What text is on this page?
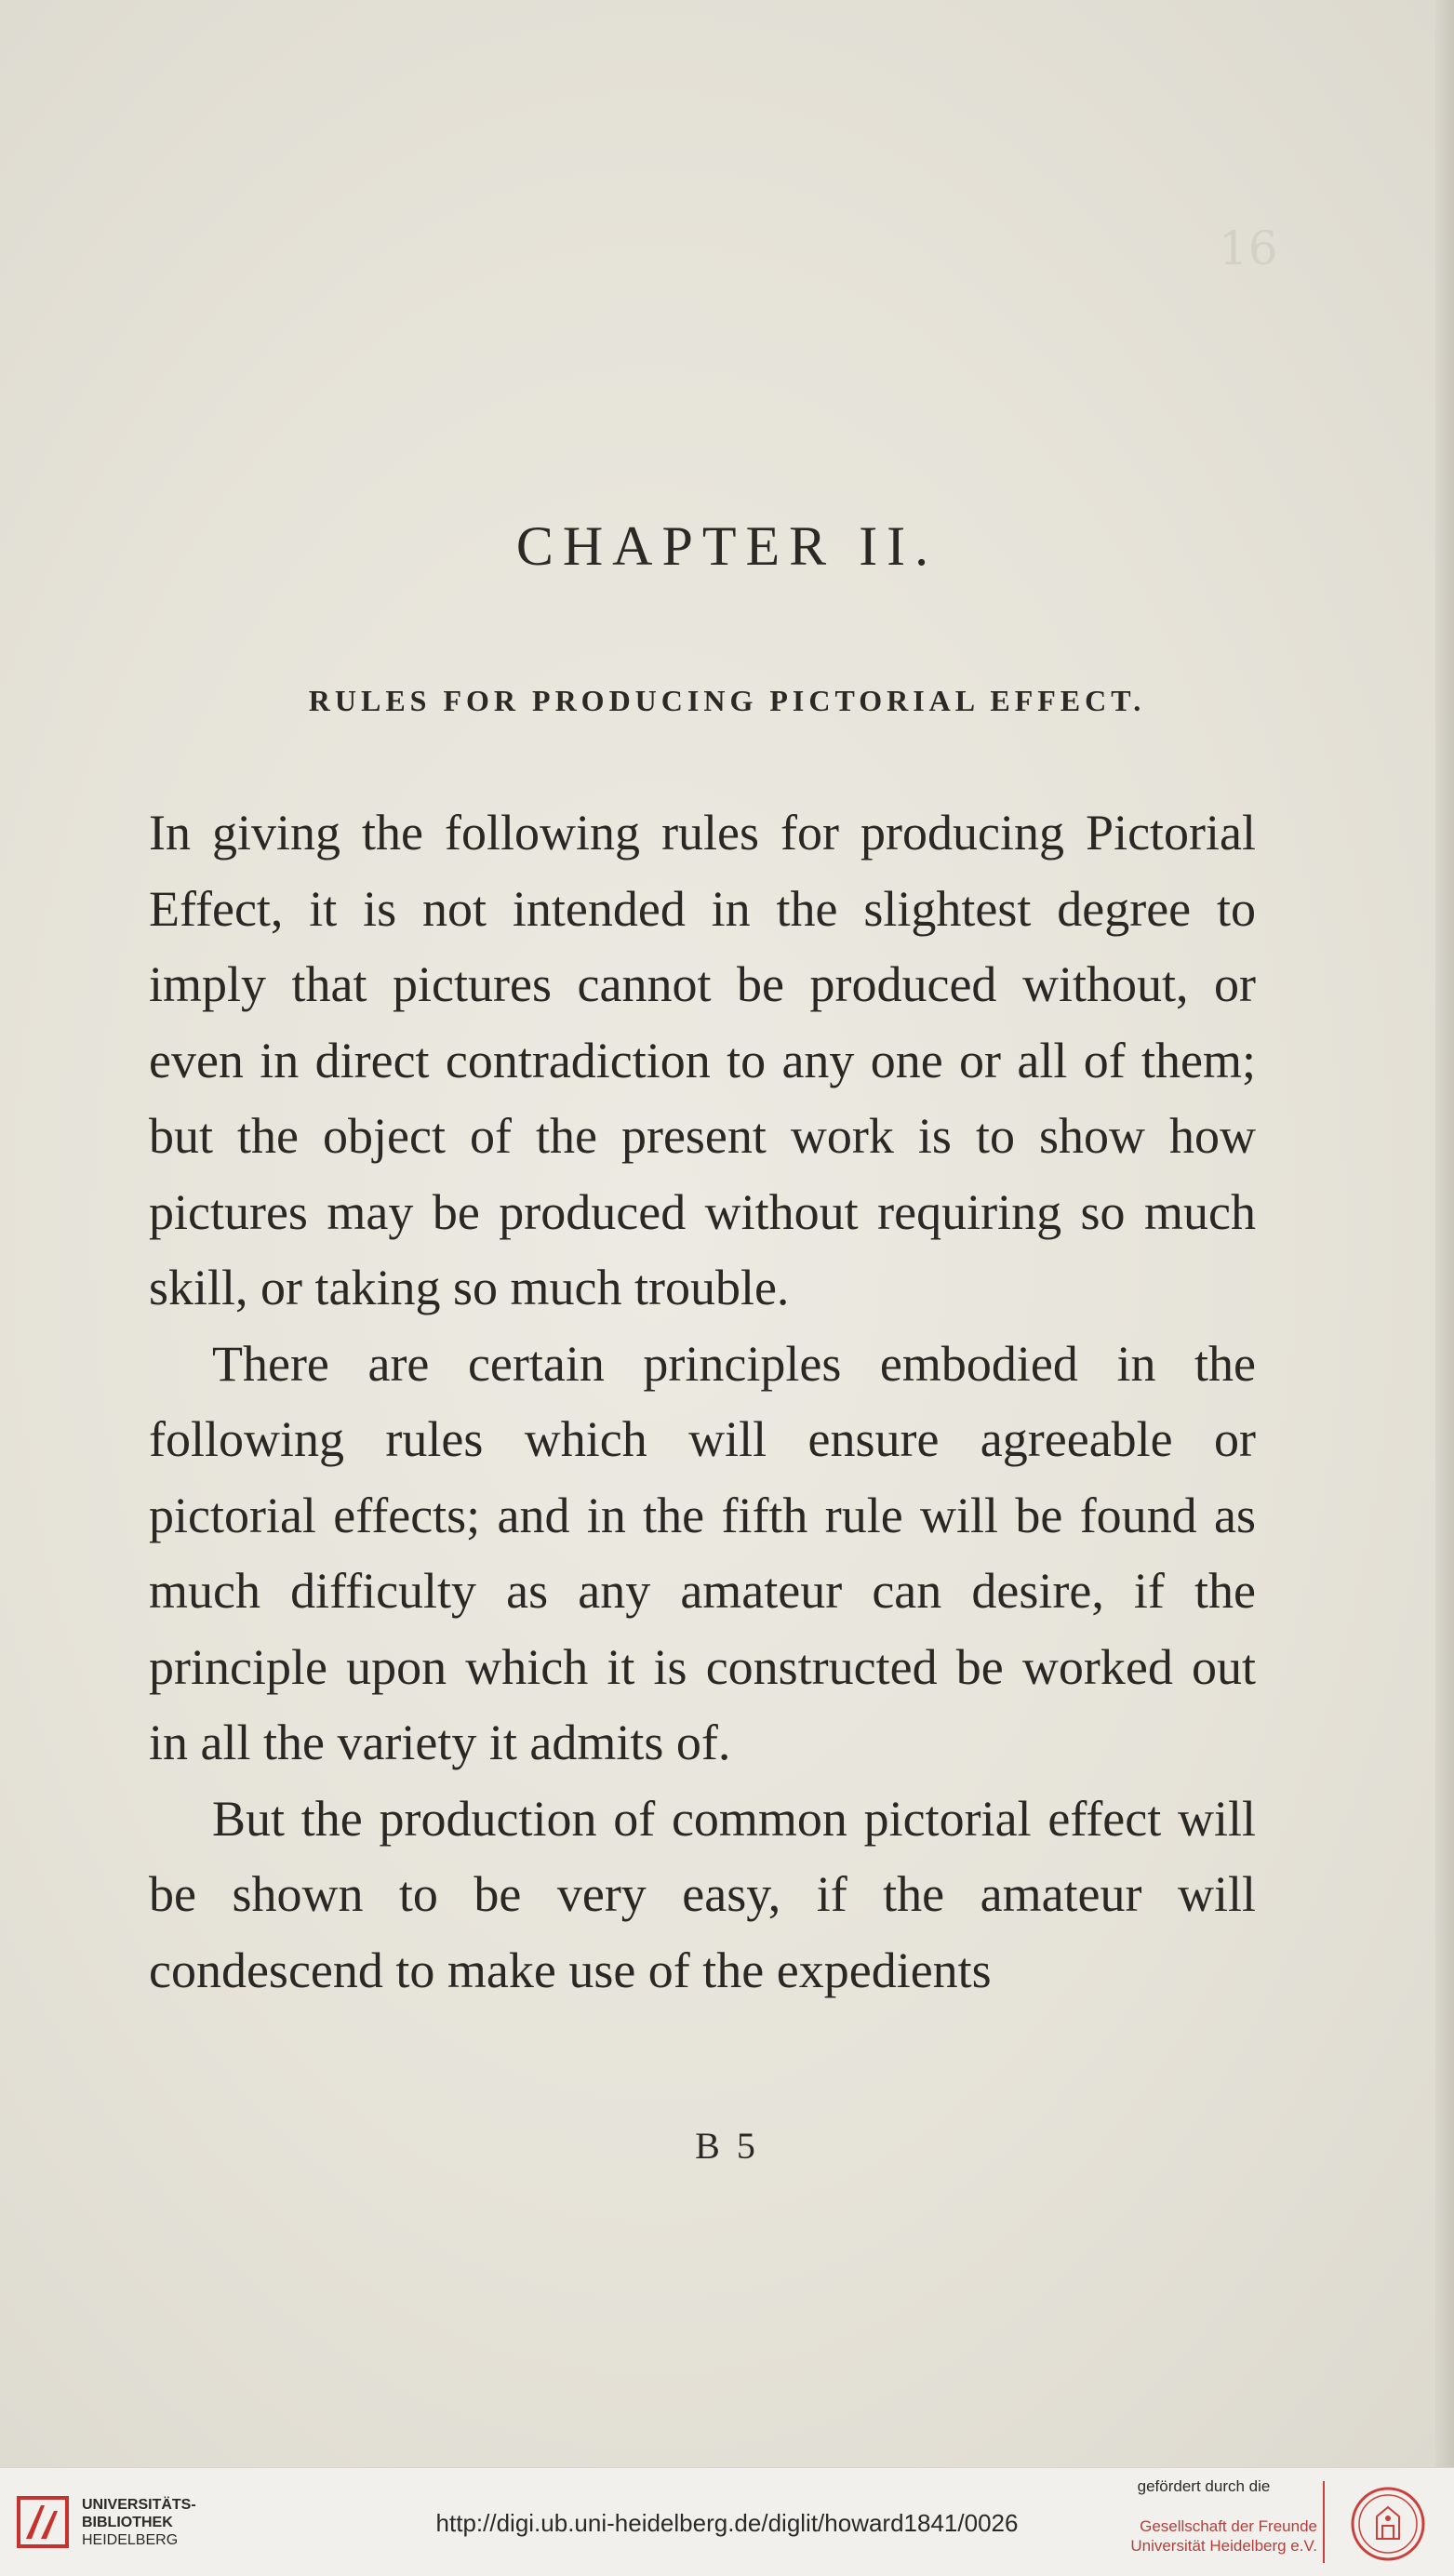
16
CHAPTER II.
RULES FOR PRODUCING PICTORIAL EFFECT.

In giving the following rules for producing Pictorial Effect, it is not intended in the slightest degree to imply that pictures cannot be produced without, or even in direct contradiction to any one or all of them; but the object of the present work is to show how pictures may be produced without requiring so much skill, or taking so much trouble.

There are certain principles embodied in the following rules which will ensure agreeable or pictorial effects; and in the fifth rule will be found as much difficulty as any amateur can desire, if the principle upon which it is constructed be worked out in all the variety it admits of.

But the production of common pictorial effect will be shown to be very easy, if the amateur will condescend to make use of the expedients

B 5
UNIVERSITÄTS-
BIBLIOTHEK
HEIDELBERG
http://digi.ub.uni-heidelberg.de/diglit/howard1841/0026
gefördert durch die
Gesellschaft der Freunde
Universität Heidelberg e.V.
